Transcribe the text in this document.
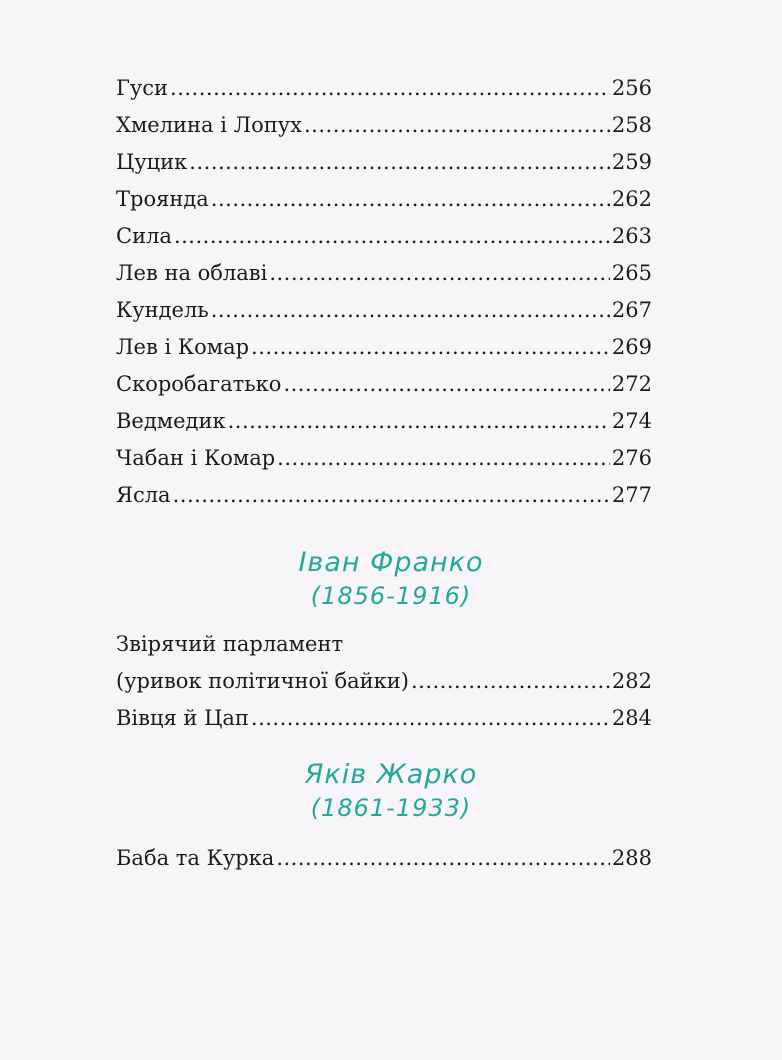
Гуси .....	256
Хмелина і Лопух .....	258
Цуцик .....	259
Троянда .....	262
Сила .....	263
Лев на облаві .....	265
Кундель .....	267
Лев і Комар .....	269
Скоробагатько .....	272
Ведмедик .....	274
Чабан і Комар .....	276
Ясла .....	277
Іван Франко
(1856-1916)
Звірячий парламент
(уривок політичної байки) .....	282
Вівця й Цап .....	284
Яків Жарко
(1861-1933)
Баба та Курка .....	288
